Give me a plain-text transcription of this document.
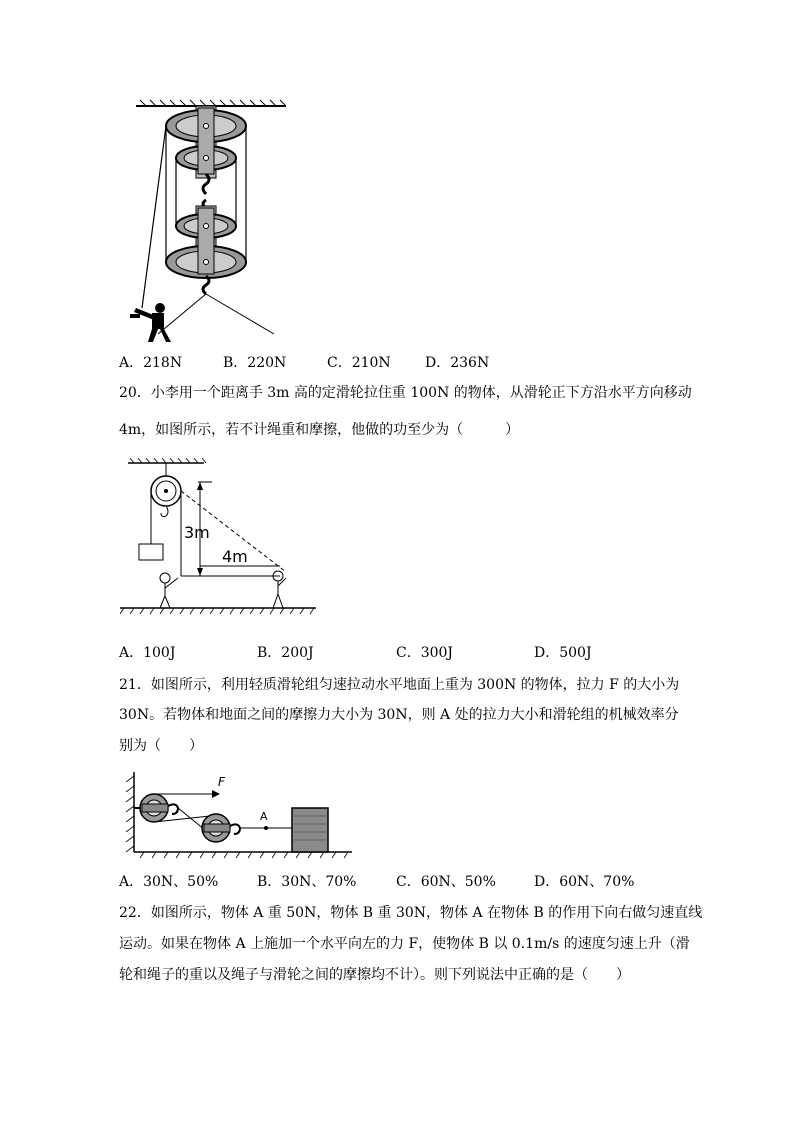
A．218N	B．220N	C．210N D．236N
20．小李用一个距离手 3m 高的定滑轮拉住重 100N 的物体，从滑轮正下方沿水平方向移动
4m，如图所示，若不计绳重和摩擦，他做的功至少为（　　　）
3m
4m
A．100J	B．200J	C．300J	D．500J
21．如图所示，利用轻质滑轮组匀速拉动水平地面上重为 300N 的物体，拉力 F 的大小为
30N。若物体和地面之间的摩擦力大小为 30N，则 A 处的拉力大小和滑轮组的机械效率分
别为（　　）
F
A
A．30N、50%	B．30N、70%	C．60N、50%	D．60N、70%
22．如图所示，物体 A 重 50N，物体 B 重 30N，物体 A 在物体 B 的作用下向右做匀速直线
运动。如果在物体 A 上施加一个水平向左的力 F，使物体 B 以 0.1m/s 的速度匀速上升（滑
轮和绳子的重以及绳子与滑轮之间的摩擦均不计）。则下列说法中正确的是（　　）
